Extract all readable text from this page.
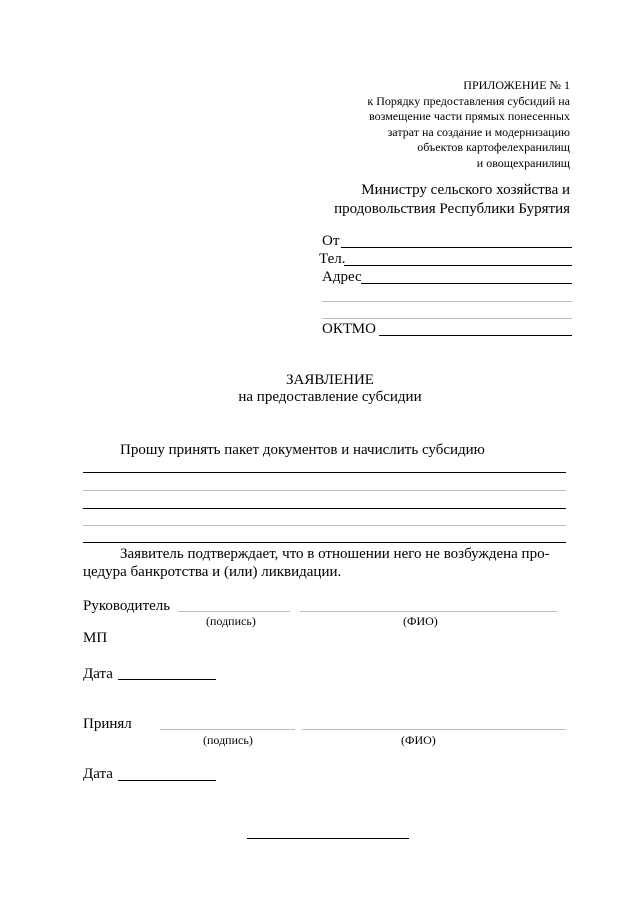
ПРИЛОЖЕНИЕ № 1
к Порядку предоставления субсидий на
возмещение части прямых понесенных
затрат на создание и модернизацию
объектов картофелехранилищ
и овощехранилищ
Министру сельского хозяйства и
продовольствия Республики Бурятия
От
Тел.
Адрес
ОКТМО
ЗАЯВЛЕНИЕ
на предоставление субсидии
Прошу принять пакет документов и начислить субсидию
Заявитель подтверждает, что в отношении него не возбуждена про-
цедура банкротства и (или) ликвидации.
Руководитель
(подпись)	(ФИО)
МП
Дата
Принял
(подпись)	(ФИО)
Дата
